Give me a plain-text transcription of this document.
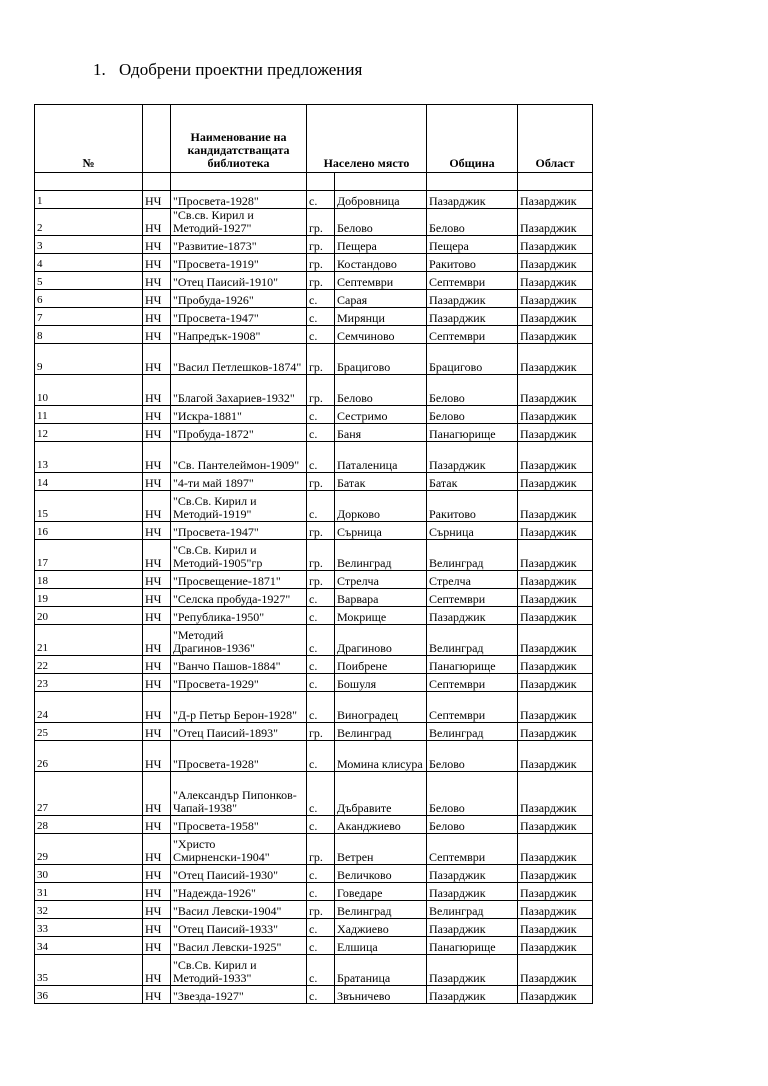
1. Одобрени проектни предложения
№		Наименование на кандидатстващата библиотека	Населено място		Община	Област

1	НЧ	"Просвета-1928"	с.	Добровница	Пазарджик	Пазарджик
2	НЧ	"Св.св. Кирил и Методий-1927"	гр.	Белово	Белово	Пазарджик
3	НЧ	"Развитие-1873"	гр.	Пещера	Пещера	Пазарджик
4	НЧ	"Просвета-1919"	гр.	Костандово	Ракитово	Пазарджик
5	НЧ	"Отец Паисий-1910"	гр.	Септември	Септември	Пазарджик
6	НЧ	"Пробуда-1926"	с.	Сарая	Пазарджик	Пазарджик
7	НЧ	"Просвета-1947"	с.	Мирянци	Пазарджик	Пазарджик
8	НЧ	"Напредък-1908"	с.	Семчиново	Септември	Пазарджик
9	НЧ	"Васил Петлешков-1874"	гр.	Брацигово	Брацигово	Пазарджик
10	НЧ	"Благой Захариев-1932"	гр.	Белово	Белово	Пазарджик
11	НЧ	"Искра-1881"	с.	Сестримо	Белово	Пазарджик
12	НЧ	"Пробуда-1872"	с.	Баня	Панагюрище	Пазарджик
13	НЧ	"Св. Пантелеймон-1909"	с.	Паталеница	Пазарджик	Пазарджик
14	НЧ	"4-ти май 1897"	гр.	Батак	Батак	Пазарджик
15	НЧ	"Св.Св. Кирил и Методий-1919"	с.	Дорково	Ракитово	Пазарджик
16	НЧ	"Просвета-1947"	гр.	Сърница	Сърница	Пазарджик
17	НЧ	"Св.Св. Кирил и Методий-1905"гр	гр.	Велинград	Велинград	Пазарджик
18	НЧ	"Просвещение-1871"	гр.	Стрелча	Стрелча	Пазарджик
19	НЧ	"Селска пробуда-1927"	с.	Варвара	Септември	Пазарджик
20	НЧ	"Република-1950"	с.	Мокрище	Пазарджик	Пазарджик
21	НЧ	"Методий Драгинов-1936"	с.	Драгиново	Велинград	Пазарджик
22	НЧ	"Ванчо Пашов-1884"	с.	Поибрене	Панагюрище	Пазарджик
23	НЧ	"Просвета-1929"	с.	Бошуля	Септември	Пазарджик
24	НЧ	"Д-р Петър Берон-1928"	с.	Виноградец	Септември	Пазарджик
25	НЧ	"Отец Паисий-1893"	гр.	Велинград	Велинград	Пазарджик
26	НЧ	"Просвета-1928"	с.	Момина клисура	Белово	Пазарджик
27	НЧ	"Александър Пипонков-Чапай-1938"	с.	Дъбравите	Белово	Пазарджик
28	НЧ	"Просвета-1958"	с.	Аканджиево	Белово	Пазарджик
29	НЧ	"Христо Смирненски-1904"	гр.	Ветрен	Септември	Пазарджик
30	НЧ	"Отец Паисий-1930"	с.	Величково	Пазарджик	Пазарджик
31	НЧ	"Надежда-1926"	с.	Говедаре	Пазарджик	Пазарджик
32	НЧ	"Васил Левски-1904"	гр.	Велинград	Велинград	Пазарджик
33	НЧ	"Отец Паисий-1933"	с.	Хаджиево	Пазарджик	Пазарджик
34	НЧ	"Васил Левски-1925"	с.	Елшица	Панагюрище	Пазарджик
35	НЧ	"Св.Св. Кирил и Методий-1933"	с.	Братаница	Пазарджик	Пазарджик
36	НЧ	"Звезда-1927"	с.	Звъничево	Пазарджик	Пазарджик
